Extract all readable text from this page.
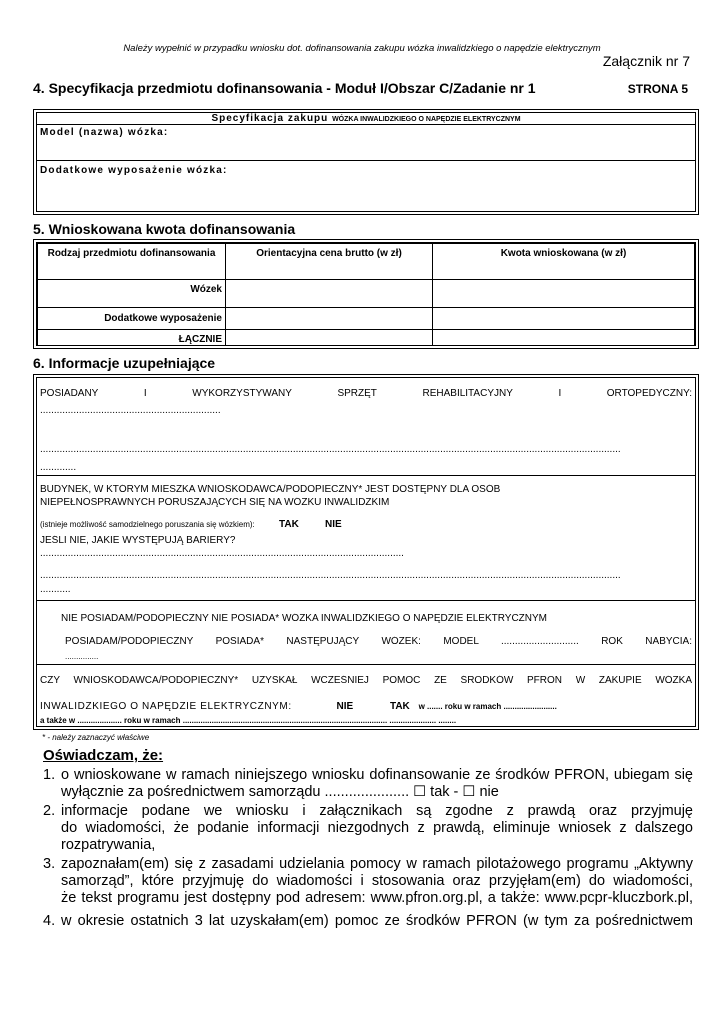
Należy wypełnić w przypadku wniosku dot. dofinansowania zakupu wózka inwalidzkiego o napędzie elektrycznym
Załącznik nr 7
4. Specyfikacja przedmiotu dofinansowania - Moduł I/Obszar C/Zadanie nr 1	STRONA 5
Specyfikacja zakupu WÓZKA INWALIDZKIEGO O NAPĘDZIE ELEKTRYCZNYM
Model (nazwa) wózka:
Dodatkowe wyposażenie wózka:
5. Wnioskowana kwota dofinansowania
Rodzaj przedmiotu dofinansowania	Orientacyjna cena brutto (w zł)	Kwota wnioskowana (w zł)
Wózek		
Dodatkowe wyposażenie		
ŁĄCZNIE		
6. Informacje uzupełniające
POSIADANY	I	WYKORZYSTYWANY	SPRZĘT	REHABILITACYJNY	I	ORTOPEDYCZNY:
.................................................................
.................................................................................................................................................................................................................
.............
BUDYNEK, W KTÓRYM MIESZKA WNIOSKODAWCA/PODOPIECZNY* JEST DOSTĘPNY DLA OSÓB
NIEPEŁNOSPRAWNYCH PORUSZAJĄCYCH SIĘ NA WÓZKU INWALIDZKIM
(istnieje możliwość samodzielnego poruszania się wózkiem): TAK	NIE
JEŚLI NIE, JAKIE WYSTĘPUJĄ BARIERY?
...................................................................................................................................
.................................................................................................................................................................................................................
...........
NIE POSIADAM/PODOPIECZNY NIE POSIADA* WÓZKA INWALIDZKIEGO O NAPĘDZIE ELEKTRYCZNYM
POSIADAM/PODOPIECZNY POSIADA* NASTĘPUJĄCY WÓZEK: MODEL ............................ ROK NABYCIA:
...............
CZY WNIOSKODAWCA/PODOPIECZNY* UZYSKAŁ WCZEŚNIEJ POMOC ZE ŚRODKÓW PFRON W ZAKUPIE WÓZKA
INWALIDZKIEGO O NAPĘDZIE ELEKTRYCZNYM:	NIE	TAK w ....... roku w ramach ........................
a także w .................... roku w ramach ............................................................................................ ..................... ........
* - należy zaznaczyć właściwe
Oświadczam, że:
1. o wnioskowane w ramach niniejszego wniosku dofinansowanie ze środków PFRON, ubiegam się
wyłącznie za pośrednictwem samorządu ..................... ☐ tak - ☐ nie
2. informacje podane we wniosku i załącznikach są zgodne z prawdą oraz przyjmuję
do wiadomości, że podanie informacji niezgodnych z prawdą, eliminuje wniosek z dalszego
rozpatrywania,
3. zapoznałam(em) się z zasadami udzielania pomocy w ramach pilotażowego programu „Aktywny
samorząd”, które przyjmuję do wiadomości i stosowania oraz przyjęłam(em) do wiadomości,
że tekst programu jest dostępny pod adresem: www.pfron.org.pl, a także: www.pcpr-kluczbork.pl,
4. w okresie ostatnich 3 lat uzyskałam(em) pomoc ze środków PFRON (w tym za pośrednictwem
